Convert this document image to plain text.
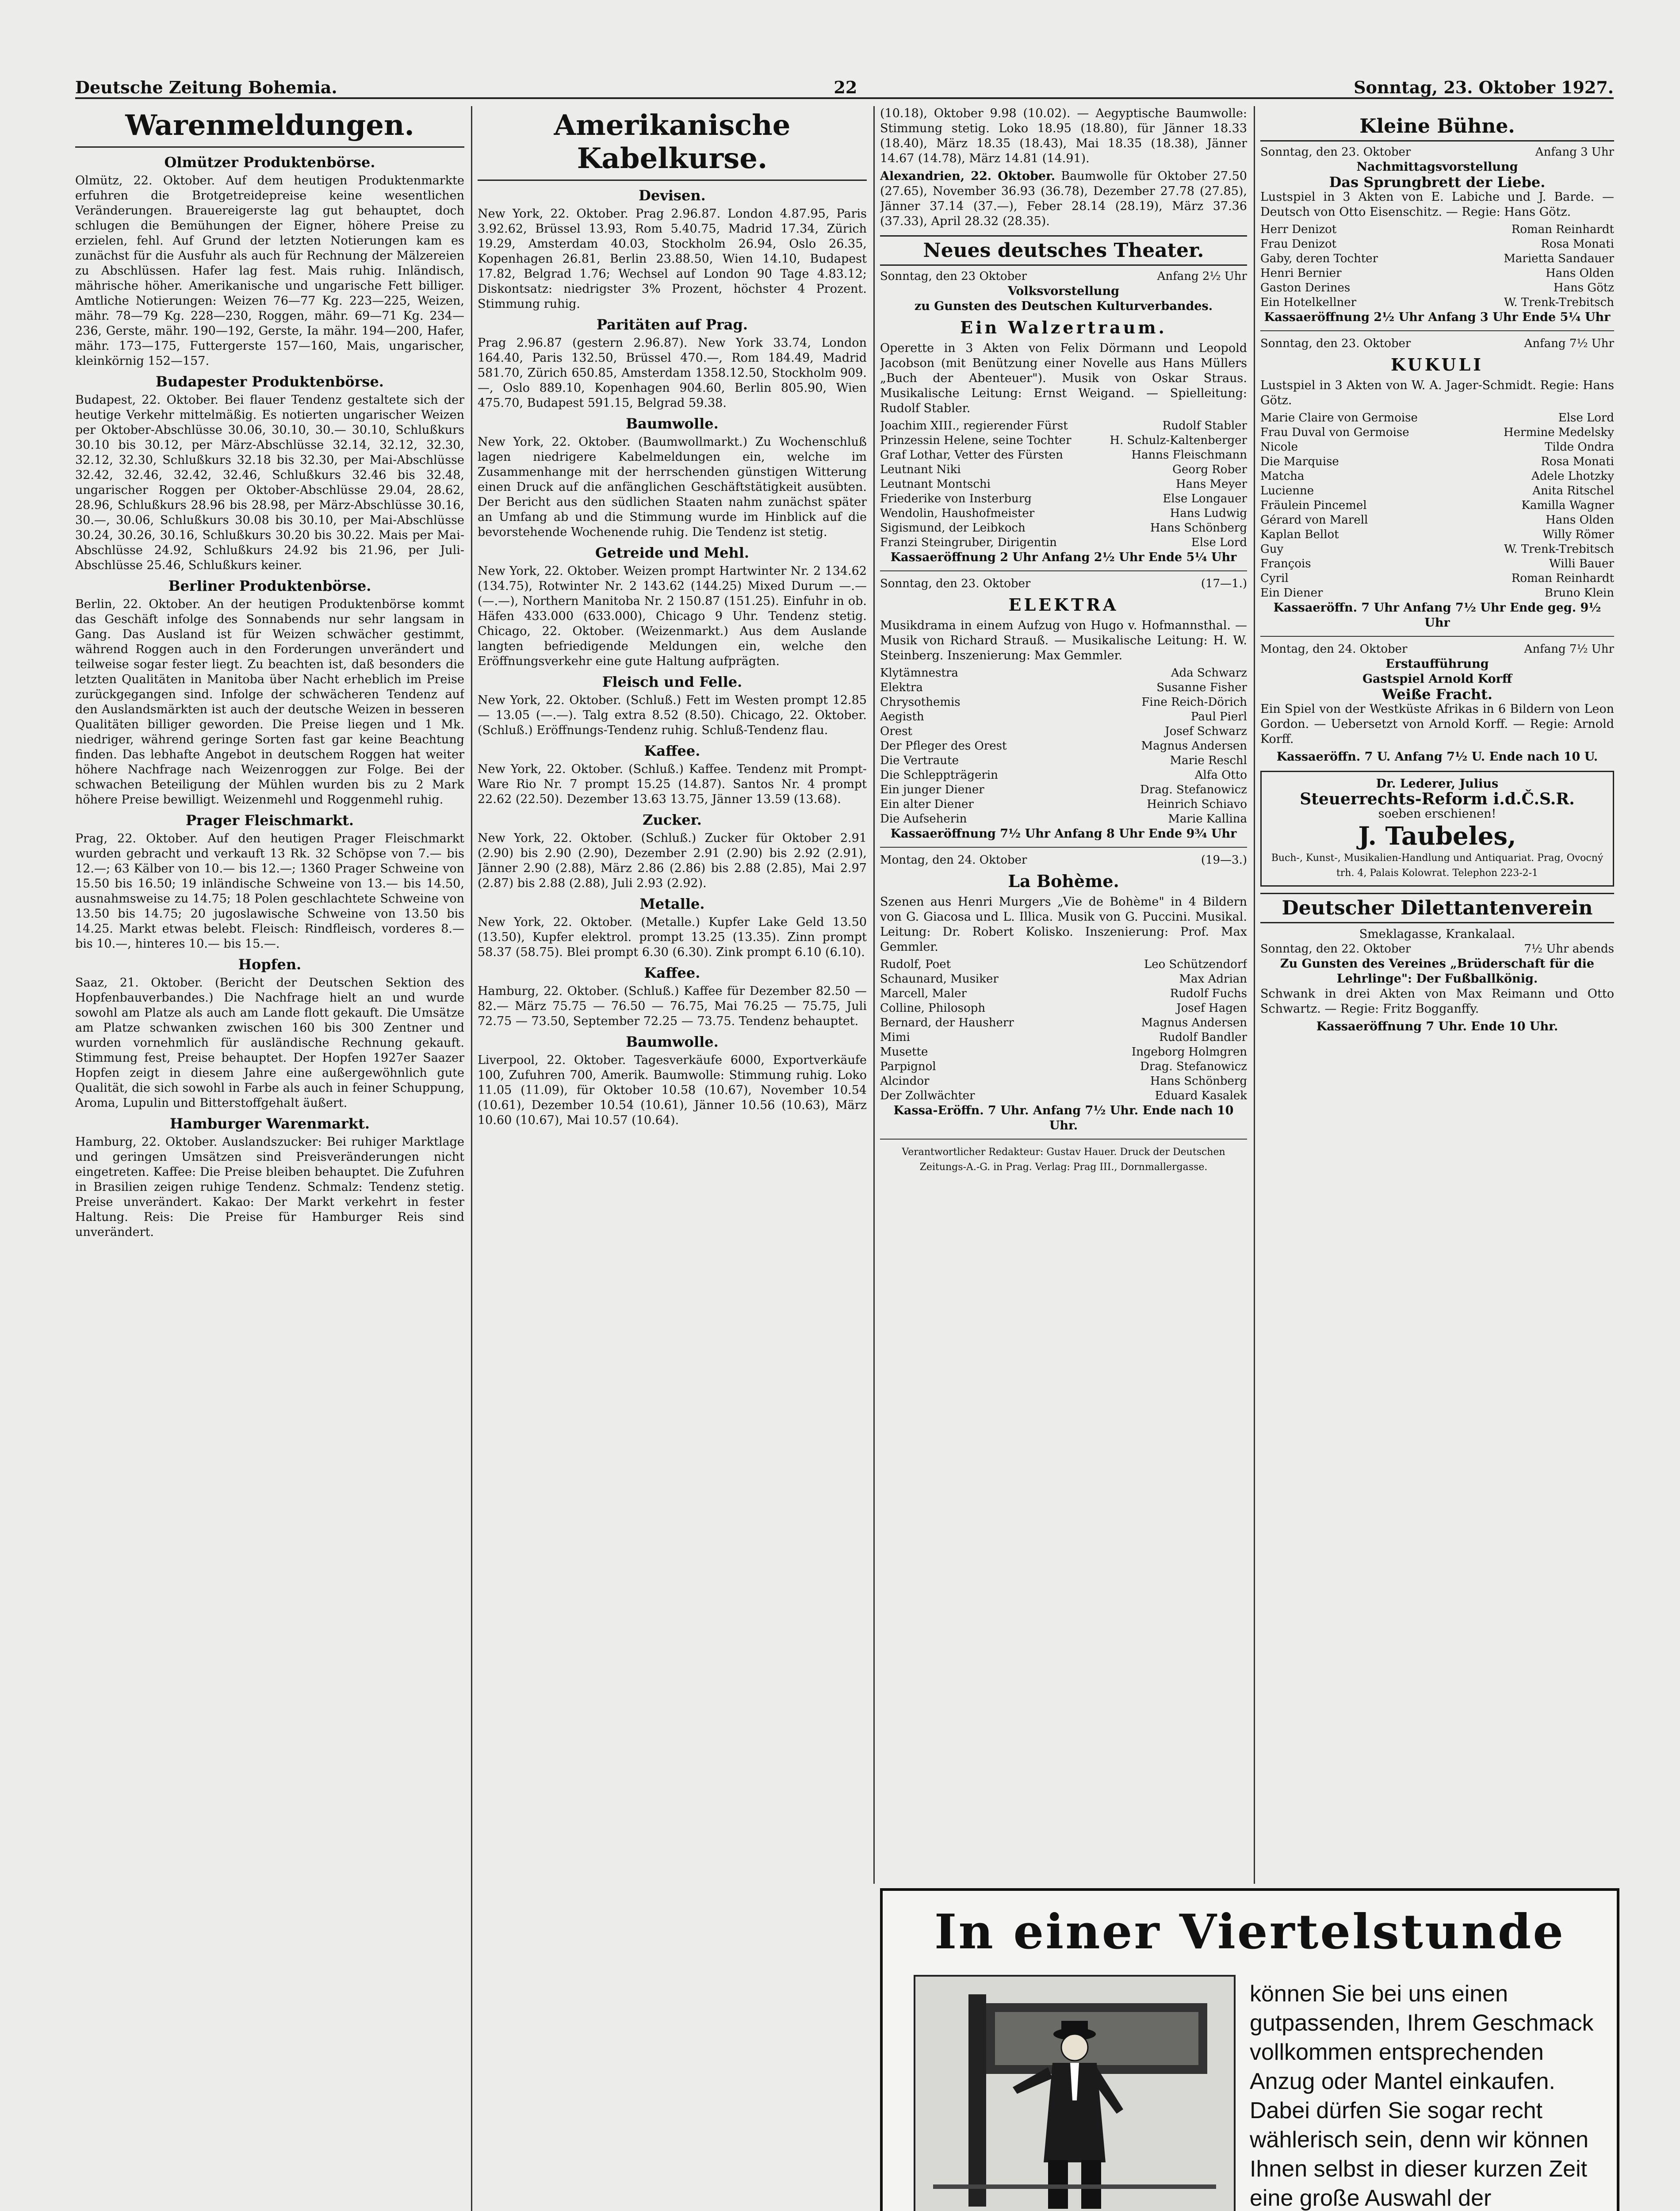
Deutsche Zeitung Bohemia.	22	Sonntag, 23. Oktober 1927.
Warenmeldungen.
Olmützer Produktenbörse.

Olmütz, 22. Oktober. Auf dem heutigen Produktenmarkte erfuhren die Brotgetreidepreise keine wesentlichen Veränderungen. Brauereigerste lag gut behauptet, doch schlugen die Bemühungen der Eigner, höhere Preise zu erzielen, fehl. Auf Grund der letzten Notierungen kam es zunächst für die Ausfuhr als auch für Rechnung der Mälzereien zu Abschlüssen. Hafer lag fest. Mais ruhig. Inländisch, mährische höher. Amerikanische und ungarische Fett billiger. Amtliche Notierungen: Weizen 76—77 Kg. 223—225, Weizen, mähr. 78—79 Kg. 228—230, Roggen, mähr. 69—71 Kg. 234—236, Gerste, mähr. 190—192, Gerste, Ia mähr. 194—200, Hafer, mähr. 173—175, Futtergerste 157—160, Mais, ungarischer, kleinkörnig 152—157.

Budapester Produktenbörse.

Budapest, 22. Oktober. Bei flauer Tendenz gestaltete sich der heutige Verkehr mittelmäßig. Es notierten ungarischer Weizen per Oktober-Abschlüsse 30.06, 30.10, 30.— 30.10, Schlußkurs 30.10 bis 30.12, per März-Abschlüsse 32.14, 32.12, 32.30, 32.12, 32.30, Schlußkurs 32.18 bis 32.30, per Mai-Abschlüsse 32.42, 32.46, 32.42, 32.46, Schlußkurs 32.46 bis 32.48, ungarischer Roggen per Oktober-Abschlüsse 29.04, 28.62, 28.96, Schlußkurs 28.96 bis 28.98, per März-Abschlüsse 30.16, 30.—, 30.06, Schlußkurs 30.08 bis 30.10, per Mai-Abschlüsse 30.24, 30.26, 30.16, Schlußkurs 30.20 bis 30.22. Mais per Mai-Abschlüsse 24.92, Schlußkurs 24.92 bis 21.96, per Juli-Abschlüsse 25.46, Schlußkurs keiner.

Berliner Produktenbörse.

Berlin, 22. Oktober. An der heutigen Produktenbörse kommt das Geschäft infolge des Sonnabends nur sehr langsam in Gang. Das Ausland ist für Weizen schwächer gestimmt, während Roggen auch in den Forderungen unverändert und teilweise sogar fester liegt. Zu beachten ist, daß besonders die letzten Qualitäten in Manitoba über Nacht erheblich im Preise zurückgegangen sind. Infolge der schwächeren Tendenz auf den Auslandsmärkten ist auch der deutsche Weizen in besseren Qualitäten billiger geworden. Die Preise liegen und 1 Mk. niedriger, während geringe Sorten fast gar keine Beachtung finden. Das lebhafte Angebot in deutschem Roggen hat weiter höhere Nachfrage nach Weizenroggen zur Folge. Bei der schwachen Beteiligung der Mühlen wurden bis zu 2 Mark höhere Preise bewilligt. Weizenmehl und Roggenmehl ruhig.

Prager Fleischmarkt.

Prag, 22. Oktober. Auf den heutigen Prager Fleischmarkt wurden gebracht und verkauft 13 Rk. 32 Schöpse von 7.— bis 12.—; 63 Kälber von 10.— bis 12.—; 1360 Prager Schweine von 15.50 bis 16.50; 19 inländische Schweine von 13.— bis 14.50, ausnahmsweise zu 14.75; 18 Polen geschlachtete Schweine von 13.50 bis 14.75; 20 jugoslawische Schweine von 13.50 bis 14.25. Markt etwas belebt. Fleisch: Rindfleisch, vorderes 8.— bis 10.—, hinteres 10.— bis 15.—.

Hopfen.

Saaz, 21. Oktober. (Bericht der Deutschen Sektion des Hopfenbauverbandes.) Die Nachfrage hielt an und wurde sowohl am Platze als auch am Lande flott gekauft. Die Umsätze am Platze schwanken zwischen 160 bis 300 Zentner und wurden vornehmlich für ausländische Rechnung gekauft. Stimmung fest, Preise behauptet. Der Hopfen 1927er Saazer Hopfen zeigt in diesem Jahre eine außergewöhnlich gute Qualität, die sich sowohl in Farbe als auch in feiner Schuppung, Aroma, Lupulin und Bitterstoffgehalt äußert.

Hamburger Warenmarkt.

Hamburg, 22. Oktober. Auslandszucker: Bei ruhiger Marktlage und geringen Umsätzen sind Preisveränderungen nicht eingetreten. Kaffee: Die Preise bleiben behauptet. Die Zufuhren in Brasilien zeigen ruhige Tendenz. Schmalz: Tendenz stetig. Preise unverändert. Kakao: Der Markt verkehrt in fester Haltung. Reis: Die Preise für Hamburger Reis sind unverändert.

Amerikanische Kabelkurse.
Devisen.

New York, 22. Oktober. Prag 2.96.87. London 4.87.95, Paris 3.92.62, Brüssel 13.93, Rom 5.40.75, Madrid 17.34, Zürich 19.29, Amsterdam 40.03, Stockholm 26.94, Oslo 26.35, Kopenhagen 26.81, Berlin 23.88.50, Wien 14.10, Budapest 17.82, Belgrad 1.76; Wechsel auf London 90 Tage 4.83.12; Diskontsatz: niedrigster 3% Prozent, höchster 4 Prozent. Stimmung ruhig.

Paritäten auf Prag.

Prag 2.96.87 (gestern 2.96.87). New York 33.74, London 164.40, Paris 132.50, Brüssel 470.—, Rom 184.49, Madrid 581.70, Zürich 650.85, Amsterdam 1358.12.50, Stockholm 909.—, Oslo 889.10, Kopenhagen 904.60, Berlin 805.90, Wien 475.70, Budapest 591.15, Belgrad 59.38.

Baumwolle.

New York, 22. Oktober. (Baumwollmarkt.) Zu Wochenschluß lagen niedrigere Kabelmeldungen ein, welche im Zusammenhange mit der herrschenden günstigen Witterung einen Druck auf die anfänglichen Geschäftstätigkeit ausübten. Der Bericht aus den südlichen Staaten nahm zunächst später an Umfang ab und die Stimmung wurde im Hinblick auf die bevorstehende Wochenende ruhig. Die Tendenz ist stetig.

Getreide und Mehl.

New York, 22. Oktober. Weizen prompt Hartwinter Nr. 2 134.62 (134.75), Rotwinter Nr. 2 143.62 (144.25) Mixed Durum —.— (—.—), Northern Manitoba Nr. 2 150.87 (151.25). Einfuhr in ob. Häfen 433.000 (633.000), Chicago 9 Uhr. Tendenz stetig. Chicago, 22. Oktober. (Weizenmarkt.) Aus dem Auslande langten befriedigende Meldungen ein, welche den Eröffnungsverkehr eine gute Haltung aufprägten.

Fleisch und Felle.

New York, 22. Oktober. (Schluß.) Fett im Westen prompt 12.85 — 13.05 (—.—). Talg extra 8.52 (8.50). Chicago, 22. Oktober. (Schluß.) Eröffnungs-Tendenz ruhig. Schluß-Tendenz flau.

Kaffee.

New York, 22. Oktober. (Schluß.) Kaffee. Tendenz mit Prompt-Ware Rio Nr. 7 prompt 15.25 (14.87). Santos Nr. 4 prompt 22.62 (22.50). Dezember 13.63 13.75, Jänner 13.59 (13.68).

Zucker.

New York, 22. Oktober. (Schluß.) Zucker für Oktober 2.91 (2.90) bis 2.90 (2.90), Dezember 2.91 (2.90) bis 2.92 (2.91), Jänner 2.90 (2.88), März 2.86 (2.86) bis 2.88 (2.85), Mai 2.97 (2.87) bis 2.88 (2.88), Juli 2.93 (2.92).

Metalle.

New York, 22. Oktober. (Metalle.) Kupfer Lake Geld 13.50 (13.50), Kupfer elektrol. prompt 13.25 (13.35). Zinn prompt 58.37 (58.75). Blei prompt 6.30 (6.30). Zink prompt 6.10 (6.10).

Kaffee.

Hamburg, 22. Oktober. (Schluß.) Kaffee für Dezember 82.50 — 82.— März 75.75 — 76.50 — 76.75, Mai 76.25 — 75.75, Juli 72.75 — 73.50, September 72.25 — 73.75. Tendenz behauptet.

Baumwolle.

Liverpool, 22. Oktober. Tagesverkäufe 6000, Exportverkäufe 100, Zufuhren 700, Amerik. Baumwolle: Stimmung ruhig. Loko 11.05 (11.09), für Oktober 10.58 (10.67), November 10.54 (10.61), Dezember 10.54 (10.61), Jänner 10.56 (10.63), März 10.60 (10.67), Mai 10.57 (10.64).

(10.18), Oktober 9.98 (10.02). — Aegyptische Baumwolle: Stimmung stetig. Loko 18.95 (18.80), für Jänner 18.33 (18.40), März 18.35 (18.43), Mai 18.35 (18.38), Jänner 14.67 (14.78), März 14.81 (14.91).

Alexandrien, 22. Oktober. Baumwolle für Oktober 27.50 (27.65), November 36.93 (36.78), Dezember 27.78 (27.85), Jänner 37.14 (37.—), Feber 28.14 (28.19), März 37.36 (37.33), April 28.32 (28.35).

Neues deutsches Theater.
Sonntag, den 23 Oktober	Anfang 2½ Uhr
Volksvorstellung
zu Gunsten des Deutschen Kulturverbandes.
Ein Walzertraum.

Operette in 3 Akten von Felix Dörmann und Leopold Jacobson (mit Benützung einer Novelle aus Hans Müllers „Buch der Abenteuer"). Musik von Oskar Straus. Musikalische Leitung: Ernst Weigand. — Spielleitung: Rudolf Stabler.

Joachim XIII., regierender Fürst	Rudolf Stabler
Prinzessin Helene, seine Tochter	H. Schulz-Kaltenberger
Graf Lothar, Vetter des Fürsten	Hanns Fleischmann
Leutnant Niki	Georg Rober
Leutnant Montschi	Hans Meyer
Friederike von Insterburg	Else Longauer
Wendolin, Haushofmeister	Hans Ludwig
Sigismund, der Leibkoch	Hans Schönberg
Franzi Steingruber, Dirigentin	Else Lord
Kassaeröffnung 2 Uhr Anfang 2½ Uhr Ende 5¼ Uhr
Sonntag, den 23. Oktober	(17—1.)
ELEKTRA

Musikdrama in einem Aufzug von Hugo v. Hofmannsthal. — Musik von Richard Strauß. — Musikalische Leitung: H. W. Steinberg. Inszenierung: Max Gemmler.

Klytämnestra	Ada Schwarz
Elektra	Susanne Fisher
Chrysothemis	Fine Reich-Dörich
Aegisth	Paul Pierl
Orest	Josef Schwarz
Der Pfleger des Orest	Magnus Andersen
Die Vertraute	Marie Reschl
Die Schleppträgerin	Alfa Otto
Ein junger Diener	Drag. Stefanowicz
Ein alter Diener	Heinrich Schiavo
Die Aufseherin	Marie Kallina
Kassaeröffnung 7½ Uhr Anfang 8 Uhr Ende 9¾ Uhr
Montag, den 24. Oktober	(19—3.)
La Bohème.

Szenen aus Henri Murgers „Vie de Bohème" in 4 Bildern von G. Giacosa und L. Illica. Musik von G. Puccini. Musikal. Leitung: Dr. Robert Kolisko. Inszenierung: Prof. Max Gemmler.

Rudolf, Poet	Leo Schützendorf
Schaunard, Musiker	Max Adrian
Marcell, Maler	Rudolf Fuchs
Colline, Philosoph	Josef Hagen
Bernard, der Hausherr	Magnus Andersen
Mimi	Rudolf Bandler
Musette	Ingeborg Holmgren
Parpignol	Drag. Stefanowicz
Alcindor	Hans Schönberg
Der Zollwächter	Eduard Kasalek
Kassa-Eröffn. 7 Uhr. Anfang 7½ Uhr. Ende nach 10 Uhr.
Verantwortlicher Redakteur: Gustav Hauer. Druck der Deutschen Zeitungs-A.-G. in Prag. Verlag: Prag III., Dornmallergasse.
Kleine Bühne.
Sonntag, den 23. Oktober	Anfang 3 Uhr
Nachmittagsvorstellung
Das Sprungbrett der Liebe.

Lustspiel in 3 Akten von E. Labiche und J. Barde. — Deutsch von Otto Eisenschitz. — Regie: Hans Götz.

Herr Denizot	Roman Reinhardt
Frau Denizot	Rosa Monati
Gaby, deren Tochter	Marietta Sandauer
Henri Bernier	Hans Olden
Gaston Derines	Hans Götz
Ein Hotelkellner	W. Trenk-Trebitsch
Kassaeröffnung 2½ Uhr Anfang 3 Uhr Ende 5¼ Uhr
Sonntag, den 23. Oktober	Anfang 7½ Uhr
KUKULI

Lustspiel in 3 Akten von W. A. Jager-Schmidt. Regie: Hans Götz.

Marie Claire von Germoise	Else Lord
Frau Duval von Germoise	Hermine Medelsky
Nicole	Tilde Ondra
Die Marquise	Rosa Monati
Matcha	Adele Lhotzky
Lucienne	Anita Ritschel
Fräulein Pincemel	Kamilla Wagner
Gérard von Marell	Hans Olden
Kaplan Bellot	Willy Römer
Guy	W. Trenk-Trebitsch
François	Willi Bauer
Cyril	Roman Reinhardt
Ein Diener	Bruno Klein
Kassaeröffn. 7 Uhr Anfang 7½ Uhr Ende geg. 9½ Uhr
Montag, den 24. Oktober	Anfang 7½ Uhr
Erstaufführung
Gastspiel Arnold Korff
Weiße Fracht.

Ein Spiel von der Westküste Afrikas in 6 Bildern von Leon Gordon. — Uebersetzt von Arnold Korff. — Regie: Arnold Korff.

Kassaeröffn. 7 U. Anfang 7½ U. Ende nach 10 U.
Dr. Lederer, Julius
Steuerrechts-Reform i.d.Č.S.R.
soeben erschienen!
J. Taubeles,
Buch-, Kunst-, Musikalien-Handlung und Antiquariat. Prag, Ovocný trh. 4, Palais Kolowrat. Telephon 223-2-1
Deutscher Dilettantenverein
Smeklagasse, Krankalaal.
Sonntag, den 22. Oktober	7½ Uhr abends
Zu Gunsten des Vereines „Brüderschaft für die Lehrlinge": Der Fußballkönig.

Schwank in drei Akten von Max Reimann und Otto Schwartz. — Regie: Fritz Bogganffy.

Kassaeröffnung 7 Uhr. Ende 10 Uhr.
In einer Viertelstunde
können Sie bei uns einen gutpassenden, Ihrem Geschmack vollkommen entsprechenden Anzug oder Mantel einkaufen. Dabei dürfen Sie sogar recht wählerisch sein, denn wir können Ihnen selbst in dieser kurzen Zeit eine große Auswahl der
